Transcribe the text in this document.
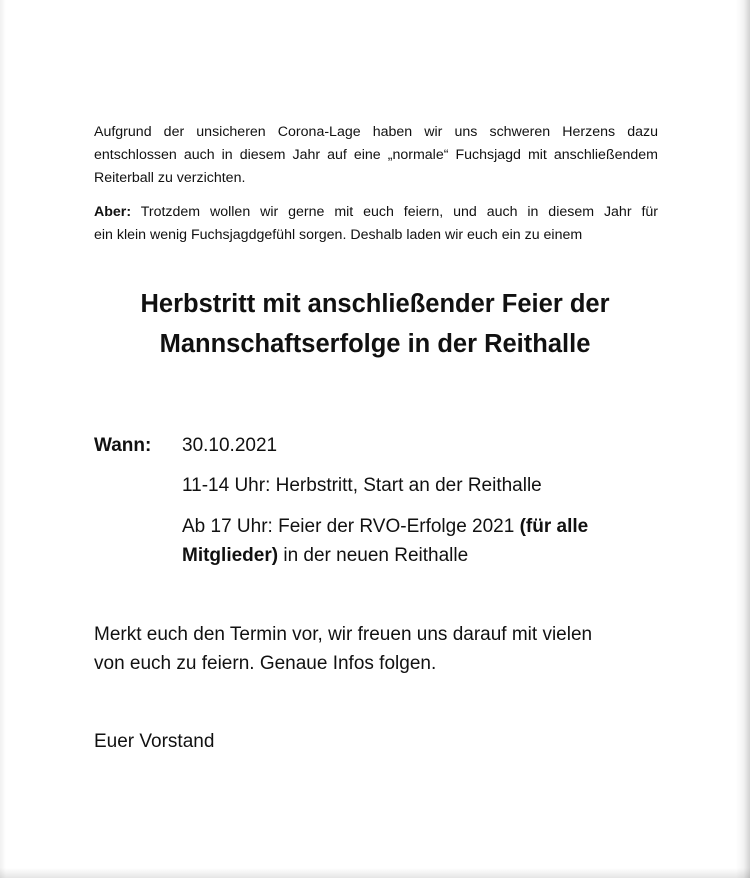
Aufgrund der unsicheren Corona-Lage haben wir uns schweren Herzens dazu entschlossen auch in diesem Jahr auf eine „normale“ Fuchsjagd mit anschließendem Reiterball zu verzichten.

Aber: Trotzdem wollen wir gerne mit euch feiern, und auch in diesem Jahr für
ein klein wenig Fuchsjagdgefühl sorgen. Deshalb laden wir euch ein zu einem

Herbstritt mit anschließender Feier der
Mannschaftserfolge in der Reithalle
Wann: 30.10.2021
11-14 Uhr: Herbstritt, Start an der Reithalle
Ab 17 Uhr: Feier der RVO-Erfolge 2021 (für alle
Mitglieder) in der neuen Reithalle
Merkt euch den Termin vor, wir freuen uns darauf mit vielen
von euch zu feiern. Genaue Infos folgen.
Euer Vorstand
